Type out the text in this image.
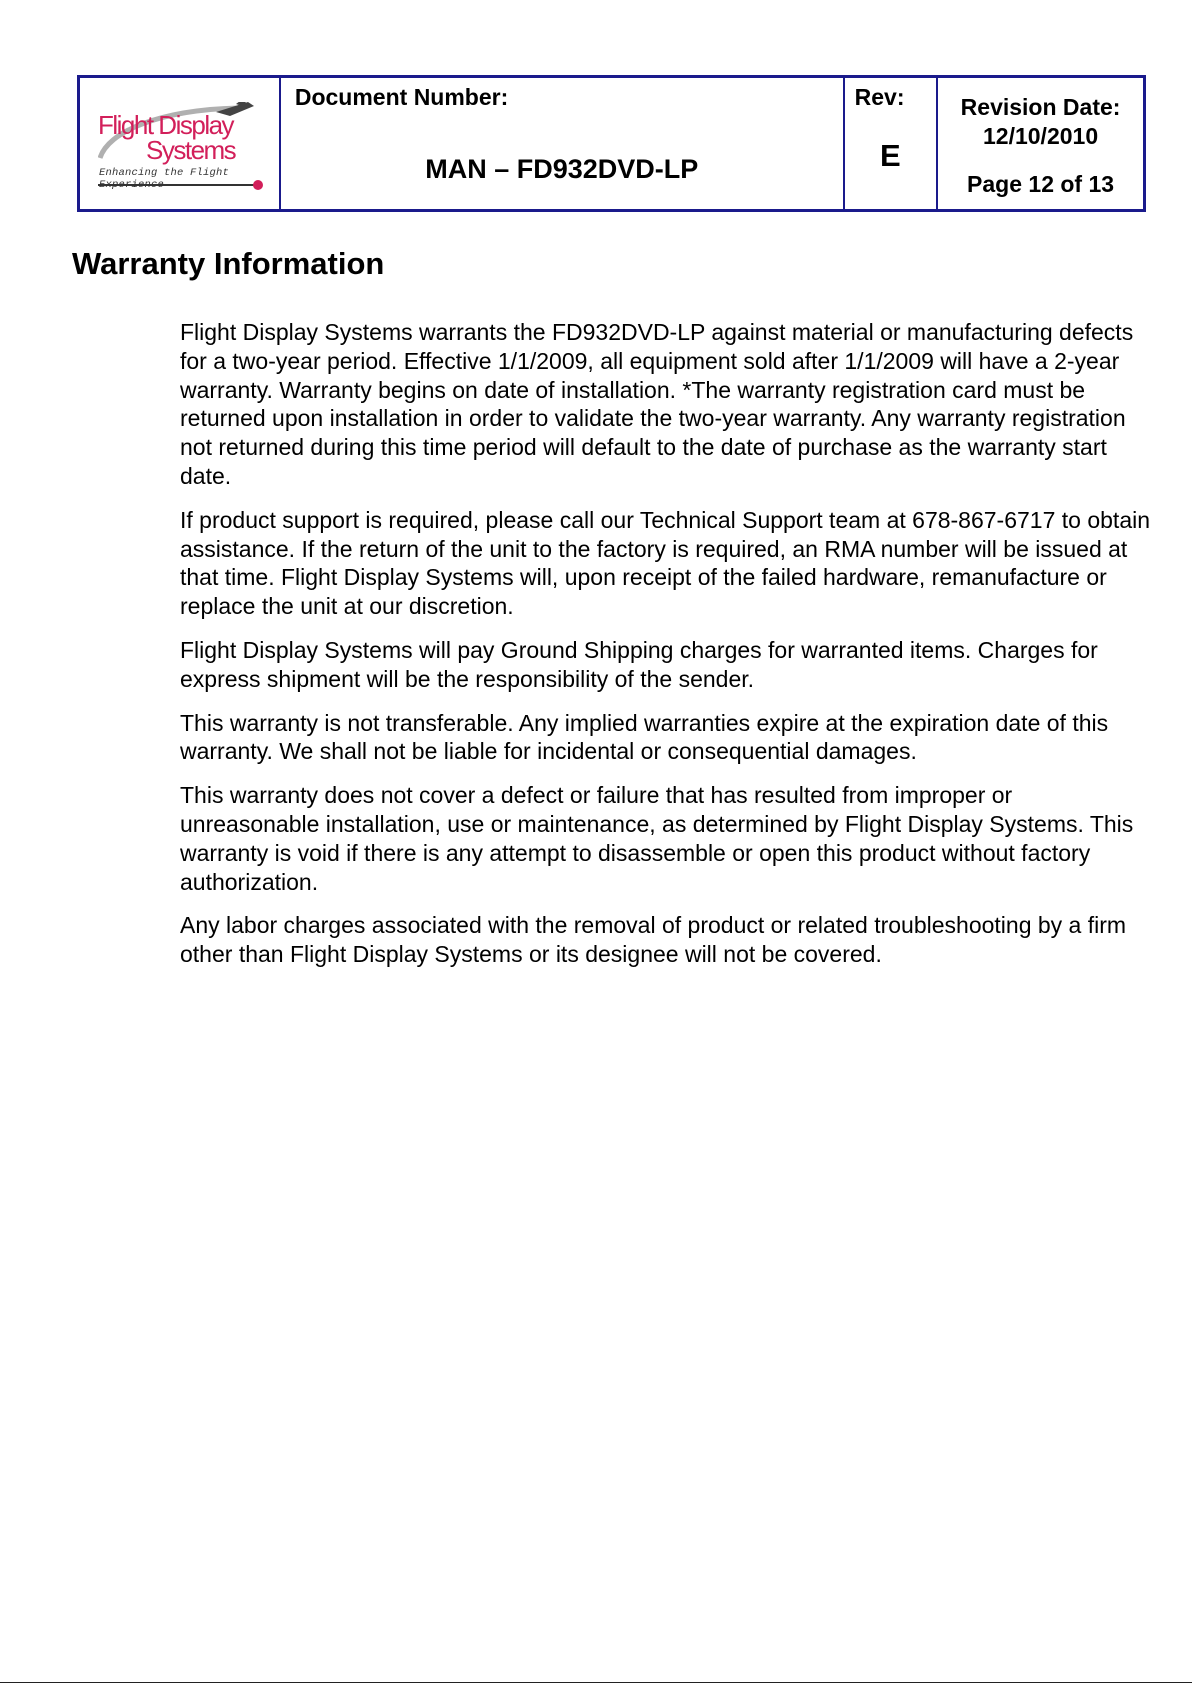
Flight Display
Systems
Enhancing the Flight

Document Number:
MAN – FD932DVD-LP

Rev:
E

Revision Date:
12/10/2010
Page 12 of 13
Warranty Information

Flight Display Systems warrants the FD932DVD-LP against material or manufacturing defects for a two-year period. Effective 1/1/2009, all equipment sold after 1/1/2009 will have a 2-year warranty. Warranty begins on date of installation. *The warranty registration card must be returned upon installation in order to validate the two-year warranty. Any warranty registration not returned during this time period will default to the date of purchase as the warranty start date.

If product support is required, please call our Technical Support team at 678-867-6717 to obtain assistance. If the return of the unit to the factory is required, an RMA number will be issued at that time. Flight Display Systems will, upon receipt of the failed hardware, remanufacture or replace the unit at our discretion.

Flight Display Systems will pay Ground Shipping charges for warranted items. Charges for express shipment will be the responsibility of the sender.

This warranty is not transferable. Any implied warranties expire at the expiration date of this warranty. We shall not be liable for incidental or consequential damages.

This warranty does not cover a defect or failure that has resulted from improper or unreasonable installation, use or maintenance, as determined by Flight Display Systems. This warranty is void if there is any attempt to disassemble or open this product without factory authorization.

Any labor charges associated with the removal of product or related troubleshooting by a firm other than Flight Display Systems or its designee will not be covered.
